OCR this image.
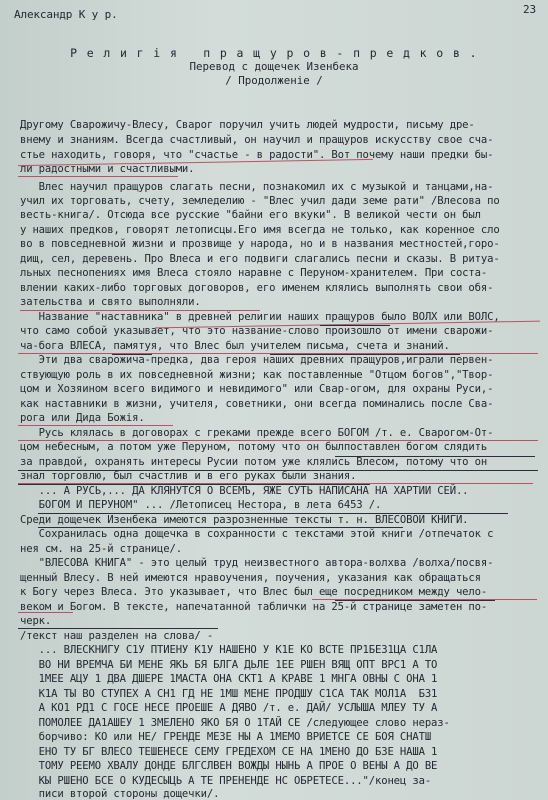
23
Александр К у р.
Р е л и г i я   п р а щ у р о в - п р е д к о в .
Перевод с дощечек Изенбека
/ Продолженiе /
Другому Сварожичу-Влесу, Сварог поручил учить людей мудрости, письму дре-
внему и знаниям. Всегда счастливый, он научил и пращуров искусству свое сча-
стье находить, говоря, что "счастье - в радости". Вот почему наши предки бы-
ли радостными и счастливыми.
Влес научил пращуров слагать песни, познакомил их с музыкой и танцами,на-
учил их торговать, счету, земледелию - "Влес учил дади земе рати" /Влесова по
весть-книга/. Отсюда все русские "байни его вкуки". В великой чести он был
у наших предков, говорят летописцы.Его имя всегда не только, как коренное сло
во в повседневной жизни и прозвище у народа, но и в названия местностей,горо-
дищ, сел, деревень. Про Влеса и его подвиги слагались песни и сказы. В ритуа-
льных песнопениях имя Влеса стояло наравне с Перуном-хранителем. При соста-
влении каких-либо торговых договоров, его именем клялись выполнять свои обя-
зательства и свято выполняли.
Название "наставника" в древней религии наших пращуров было ВОЛХ или ВОЛС,
что само собой указывает, что это название-слово произошло от имени сварожи-
ча-бога ВЛЕСА, памятуя, что Влес был учителем письма, счета и знаний.
Эти два сварожича-предка, два героя наших древних пращуров,играли первен-
ствующую роль в их повседневной жизни; как поставленные "Отцом богов","Твор-
цом и Хозяином всего видимого и невидимого" или Свар-огом, для охраны Руси,-
как наставники в жизни, учителя, советники, они всегда поминались после Сва-
рога или Дида Божiя.
Русь клялась в договорах с греками прежде всего БОГОМ /т. е. Сварогом-От-
цом небесным, а потом уже Перуном, потому что он былпоставлен богом слядить
за правдой, охранять интересы Русии потом уже клялись Влесом, потому что он
знал торговлю, был счастлив и в его руках были знания.
... А РУСЬ,... ДА КЛЯНУТСЯ О ВСЕМЪ, ЯЖЕ СУТЬ НАПИСАНА НА ХАРТИИ СЕЙ..
БОГОМ И ПЕРУНОМ" ... /Летописец Нестора, в лета 6453 /.
Среди дощечек Изенбека имеются разрозненные тексты т. н. ВЛЕСОВОЙ КНИГИ.
Сохранилась одна дощечка в сохранности с текстами этой книги /отпечаток с
нея см. на 25-й странице/.
"ВЛЕСОВА КНИГА" - это целый труд неизвестного автора-волхва /волха/посвя-
щенный Влесу. В ней имеются нравоучения, поучения, указания как обращаться
к Богу через Влеса. Это указывает, что Влес был еще посредником между чело-
веком и Богом. В тексте, напечатанной таблички на 25-й странице заметен по-
черк.
/текст наш разделен на слова/ -
... ВЛЕСКНИГУ С1У ПТИЕНУ К1У НАШЕНО У К1Е КО ВСТЕ ПР1БЕЗ1ЦА С1ЛА
ВО НИ ВРЕМЧА БИ МЕНЕ ЯКЬ БЯ БЛГА ДЬЛЕ 1ЕЕ РШЕН ВЯЩ ОПТ ВРС1 А ТО
1МЕЕ АЦУ 1 ДВА ДШЕРЕ 1МАСТА ОНА СКТ1 А КРАВЕ 1 МНГА ОВНЫ С ОНА 1
К1А ТЫ ВО СТУПЕХ А СН1 ГД НЕ 1МШ МЕНЕ ПРОДШУ С1СА ТАК МОЛ1А  БЗ1
А КО1 РД1 С ГОСЕ НЕСЕ ПРОЕШЕ А ДЯВО /т. е. ДАЙ/ УСЛЫША МЛЕУ ТУ А
ПОМОЛЕЕ ДА1АШЕУ 1 ЗМЕЛЕНО ЯКО БЯ О 1ТАЙ СЕ /следующее слово нерaз-
борчиво: КО или НЕ/ ГРЕНДЕ МЕЗЕ НЫ А 1МЕМО ВРИЕТСЕ СЕ БОЯ СНАТШ
ЕНО ТУ БГ ВЛЕСО ТЕШЕНЕСЕ СЕМУ ГРЕДЕХОМ СЕ НА 1МЕНО ДО БЗЕ НАША 1
ТОМУ РЕЕМО ХВАЛУ ДОНДЕ БЛГСЛВЕН ВОЖДЫ НЫНЬ А ПРОЕ О ВЕНЫ А ДО ВЕ
КЫ РШЕНО БСЕ О КУДЕСЫЦЬ А ТЕ ПРЕНЕНДЕ НС ОБРЕТЕСЕ..."/конец за-
писи второй стороны дощечки/.
